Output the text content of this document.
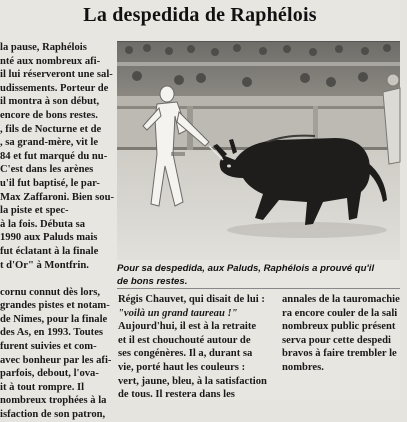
La despedida de Raphélois
la pause, Raphélois
nté aux nombreux afi-
il lui réserveront une sal-
udissements. Porteur de
il montra à son début,
encore de bons restes.
, fils de Nocturne et de
, sa grand-mère, vit le
84 et fut marqué du nu-
C'est dans les arènes
u'il fut baptisé, le par-
Max Zaffaroni. Bien sou-
la piste et spec-
à la fois. Débuta sa
1990 aux Paluds mais
fut éclatant à la finale
t d'Or" à Montfrin.

cornu connut dès lors,
grandes pistes et notam-
de Nimes, pour la finale
des As, en 1993. Toutes
furent suivies et com-
avec bonheur par les afi-
parfois, debout, l'ova-
it à tout rompre. Il
nombreux trophées à la
isfaction de son patron,
Pour sa despedida, aux Paluds, Raphélois a prouvé qu'il
de bons restes.
Régis Chauvet, qui disait de lui :
"voilà un grand taureau !"
Aujourd'hui, il est à la retraite
et il est chouchouté autour de
ses congénères. Il a, durant sa
vie, porté haut les couleurs :
vert, jaune, bleu, à la satisfaction
de tous. Il restera dans les
annales de la tauromachie
ra encore couler de la sali
nombreux public présent
serva pour cette despedi
bravos à faire trembler le
nombres.
